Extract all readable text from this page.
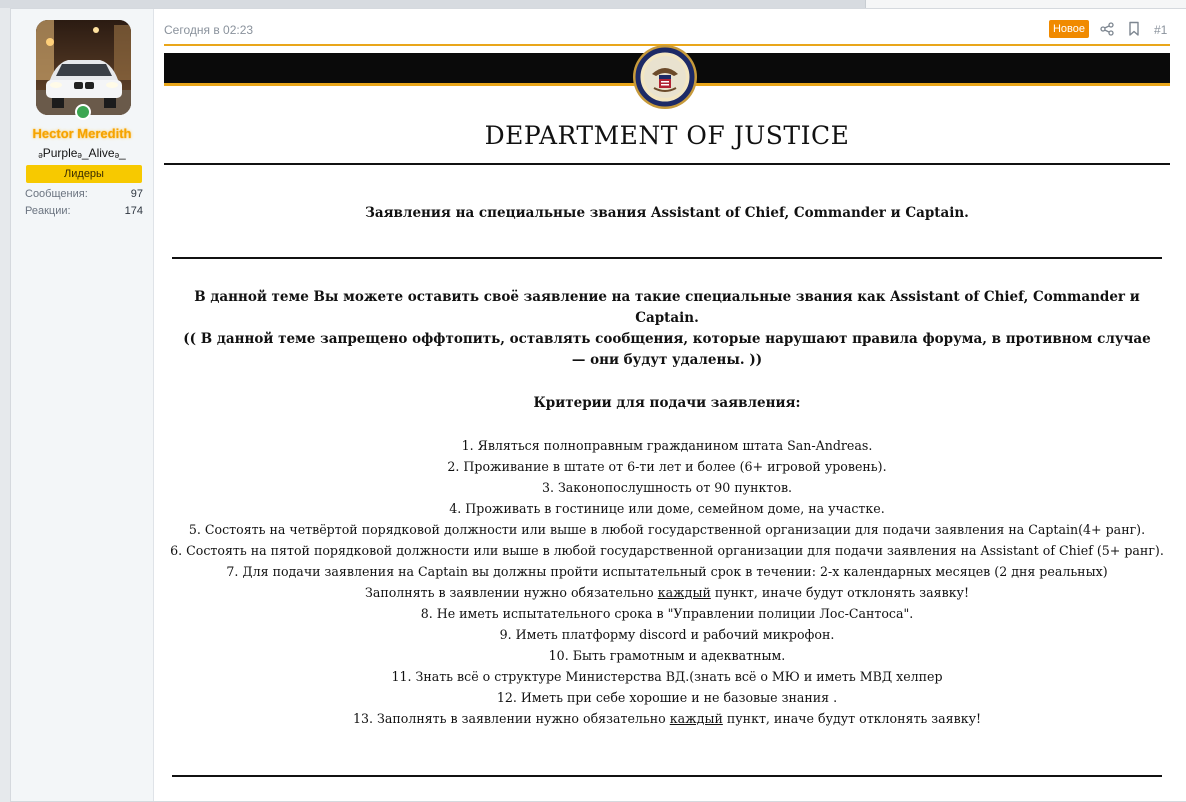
Hector Meredith
ₔPurpleₔ_Aliveₔ_
Лидеры
Сообщения:	97
Реакции:	174
Сегодня в 02:23	Новое	#1
DEPARTMENT OF JUSTICE
Заявления на специальные звания Assistant of Chief, Commander и Captain.
В данной теме Вы можете оставить своё заявление на такие специальные звания как Assistant of Chief, Commander и Captain.
(( В данной теме запрещено оффтопить, оставлять сообщения, которые нарушают правила форума, в противном случае — они будут удалены. ))
Критерии для подачи заявления:
1. Являться полноправным гражданином штата San-Andreas.
2. Проживание в штате от 6-ти лет и более (6+ игровой уровень).
3. Законопослушность от 90 пунктов.
4. Проживать в гостинице или доме, семейном доме, на участке.
5. Состоять на четвёртой порядковой должности или выше в любой государственной организации для подачи заявления на Captain(4+ ранг).
6. Состоять на пятой порядковой должности или выше в любой государственной организации для подачи заявления на Assistant of Chief (5+ ранг).
7. Для подачи заявления на Captain вы должны пройти испытательный срок в течении: 2-х календарных месяцев (2 дня реальных)
Заполнять в заявлении нужно обязательно каждый пункт, иначе будут отклонять заявку!
8. Не иметь испытательного срока в "Управлении полиции Лос-Сантоса".
9. Иметь платформу discord и рабочий микрофон.
10. Быть грамотным и адекватным.
11. Знать всё о структуре Министерства ВД.(знать всё о МЮ и иметь МВД хелпер
12. Иметь при себе хорошие и не базовые знания .
13. Заполнять в заявлении нужно обязательно каждый пункт, иначе будут отклонять заявку!
